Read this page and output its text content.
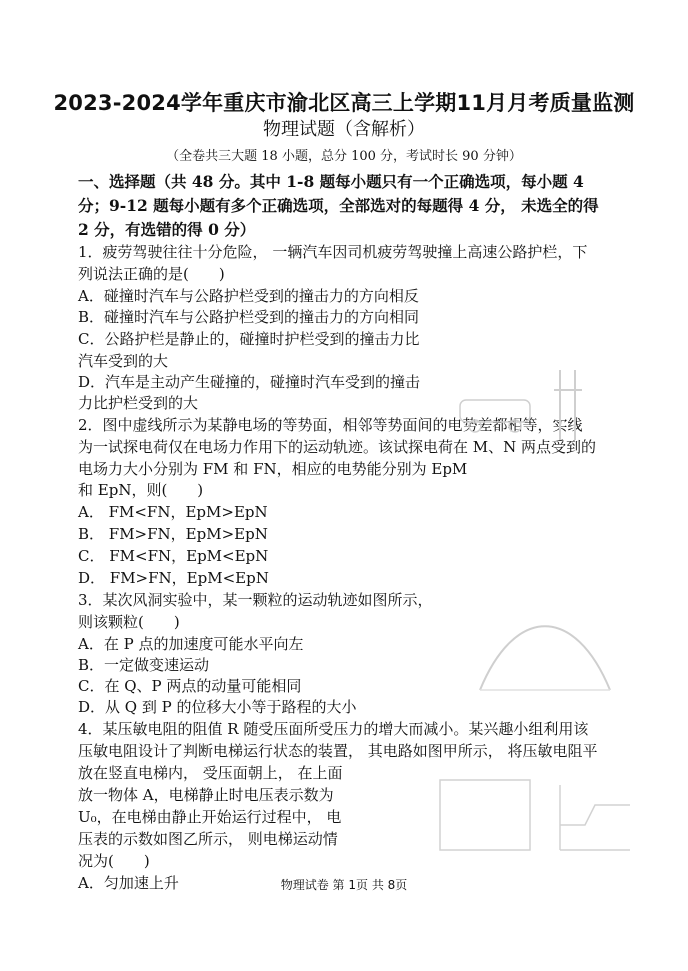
2023-2024学年重庆市渝北区高三上学期11月月考质量监测
物理试题（含解析）
（全卷共三大题 18 小题，总分 100 分，考试时长 90 分钟）
一、选择题（共 48 分。其中 1-8 题每小题只有一个正确选项，每小题 4 分；9-12 题每小题有多个正确选项，全部选对的每题得 4 分， 未选全的得 2 分，有选错的得 0 分）
1．疲劳驾驶往往十分危险， 一辆汽车因司机疲劳驾驶撞上高速公路护栏，下
列说法正确的是(　　)
A．碰撞时汽车与公路护栏受到的撞击力的方向相反
B．碰撞时汽车与公路护栏受到的撞击力的方向相同
C．公路护栏是静止的，碰撞时护栏受到的撞击力比
汽车受到的大
D．汽车是主动产生碰撞的，碰撞时汽车受到的撞击
力比护栏受到的大
2．图中虚线所示为某静电场的等势面，相邻等势面间的电势差都相等，实线
为一试探电荷仅在电场力作用下的运动轨迹。该试探电荷在 M、N 两点受到的
电场力大小分别为 FM 和 FN，相应的电势能分别为 EpM
和 EpN，则(　　)
A． FM<FN，EpM>EpN
B． FM>FN，EpM>EpN
C． FM<FN，EpM<EpN
D． FM>FN，EpM<EpN
3．某次风洞实验中，某一颗粒的运动轨迹如图所示，
则该颗粒(　　)
A．在 P 点的加速度可能水平向左
B．一定做变速运动
C．在 Q、P 两点的动量可能相同
D．从 Q 到 P 的位移大小等于路程的大小
4．某压敏电阻的阻值 R 随受压面所受压力的增大而减小。某兴趣小组利用该
压敏电阻设计了判断电梯运行状态的装置， 其电路如图甲所示， 将压敏电阻平
放在竖直电梯内， 受压面朝上， 在上面
放一物体 A，电梯静止时电压表示数为
U₀，在电梯由静止开始运行过程中， 电
压表的示数如图乙所示， 则电梯运动情
况为(　　)
A．匀加速上升	物理试卷 第 1页 共 8页
